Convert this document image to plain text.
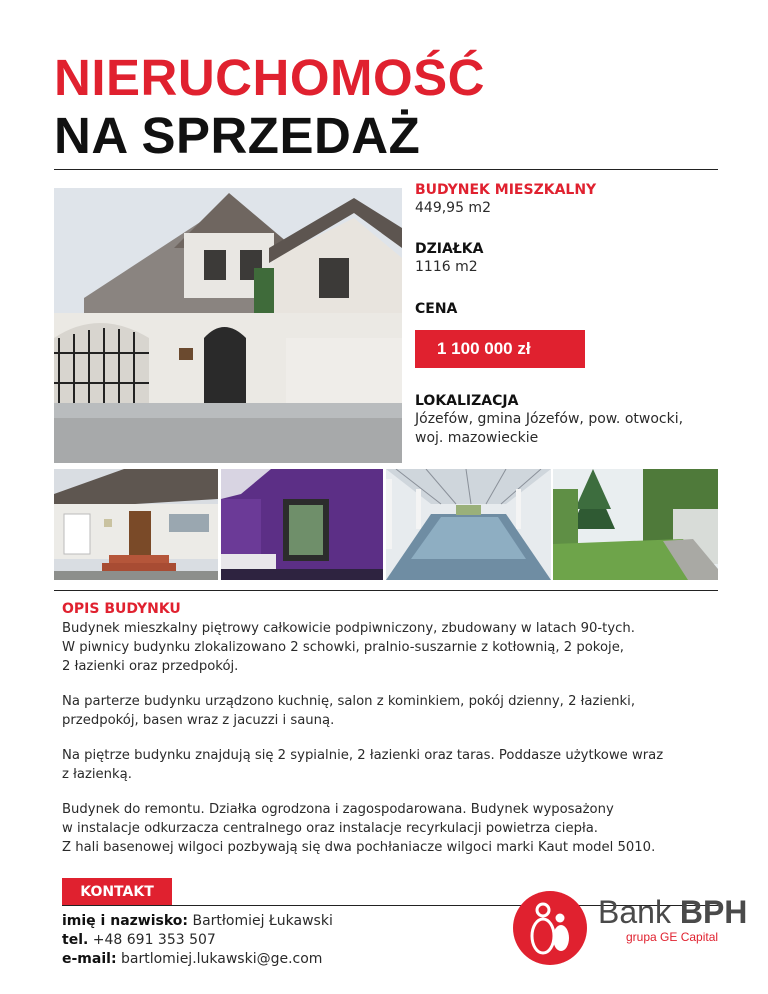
NIERUCHOMOŚĆ
NA SPRZEDAŻ
BUDYNEK MIESZKALNY
449,95 m2
DZIAŁKA
1116 m2
CENA
1 100 000 zł
LOKALIZACJA
Józefów, gmina Józefów, pow. otwocki,
woj. mazowieckie
OPIS BUDYNKU

Budynek mieszkalny piętrowy całkowicie podpiwniczony, zbudowany w latach 90-tych.
W piwnicy budynku zlokalizowano 2 schowki, pralnio-suszarnie z kotłownią, 2 pokoje,
2 łazienki oraz przedpokój.

Na parterze budynku urządzono kuchnię, salon z kominkiem, pokój dzienny, 2 łazienki,
przedpokój, basen wraz z jacuzzi i sauną.

Na piętrze budynku znajdują się 2 sypialnie, 2 łazienki oraz taras. Poddasze użytkowe wraz
z łazienką.

Budynek do remontu. Działka ogrodzona i zagospodarowana. Budynek wyposażony
w instalacje odkurzacza centralnego oraz instalacje recyrkulacji powietrza ciepła.
Z hali basenowej wilgoci pozbywają się dwa pochłaniacze wilgoci marki Kaut model 5010.

KONTAKT
imię i nazwisko: Bartłomiej Łukawski
tel. +48 691 353 507
e-mail: bartlomiej.lukawski@ge.com
Bank BPH
grupa GE Capital
